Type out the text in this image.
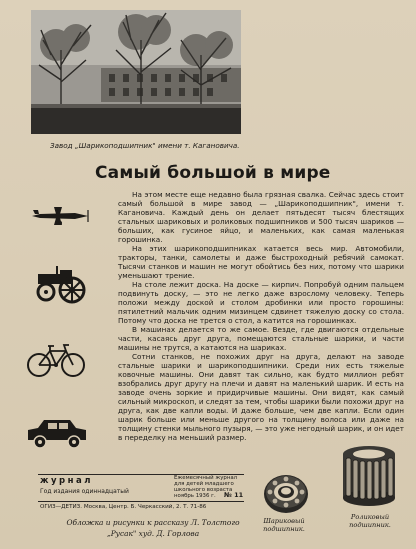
Завод „Шарикоподшипник" имени т. Кагановича.
Самый большой в мире

На этом месте еще недавно была грязная свалка. Сейчас здесь стоит самый большой в мире завод — „Шарикоподшипник", имени т. Кагановича. Каждый день он делает пятьдесят тысяч блестящих стальных шариковых и роликовых подшипников и 500 тысяч шариков — больших, как гусиное яйцо, и маленьких, как самая маленькая горошинка.

На этих шарикоподшипниках катается весь мир. Автомобили, тракторы, танки, самолеты и даже быстроходный ребячий самокат. Тысячи станков и машин не могут обойтись без них, потому что шарики уменьшают трение.

На столе лежит доска. На доске — кирпич. Попробуй одним пальцем подвинуть доску, — это не легко даже взрослому человеку. Теперь положи между доской и столом дробинки или просто горошины: пятилетний мальчик одним мизинцем сдвинет тяжелую доску со стола. Потому что доска не трется о стол, а катится на горошинках.

В машинах делается то же самое. Везде, где двигаются отдельные части, касаясь друг друга, помещаются стальные шарики, и части машины не трутся, а катаются на шариках.

Сотни станков, не похожих друг на друга, делают на заводе стальные шарики и шарикоподшипники. Среди них есть тяжелые ковочные машины. Они давят так сильно, как будто миллион ребят взобрались друг другу на плечи и давят на маленький шарик. И есть на заводе очень зоркие и придирчивые машины. Они видят, как самый сильный микроскоп, и следят за тем, чтобы шарики были похожи друг на друга, как две капли воды. И даже больше, чем две капли. Если один шарик больше или меньше другого на толщину волоса или даже на толщину стенки мыльного пузыря, — это уже негодный шарик, и он идет в переделку на меньший размер.

журнал
Год издания одиннадцатый
Ежемесячный журнал
для детей младшего
школьного возраста
ноябрь 1936 г. № 11
ОГИЗ—ДЕТИЗ. Москва, Центр. Б. Черкасский, 2. Т. 71-86
Обложка и рисунки к рассказу Л. Толстого
„Русак" худ. Д. Горлова
Шариковый подшипник.
Роликовый подшипник.
